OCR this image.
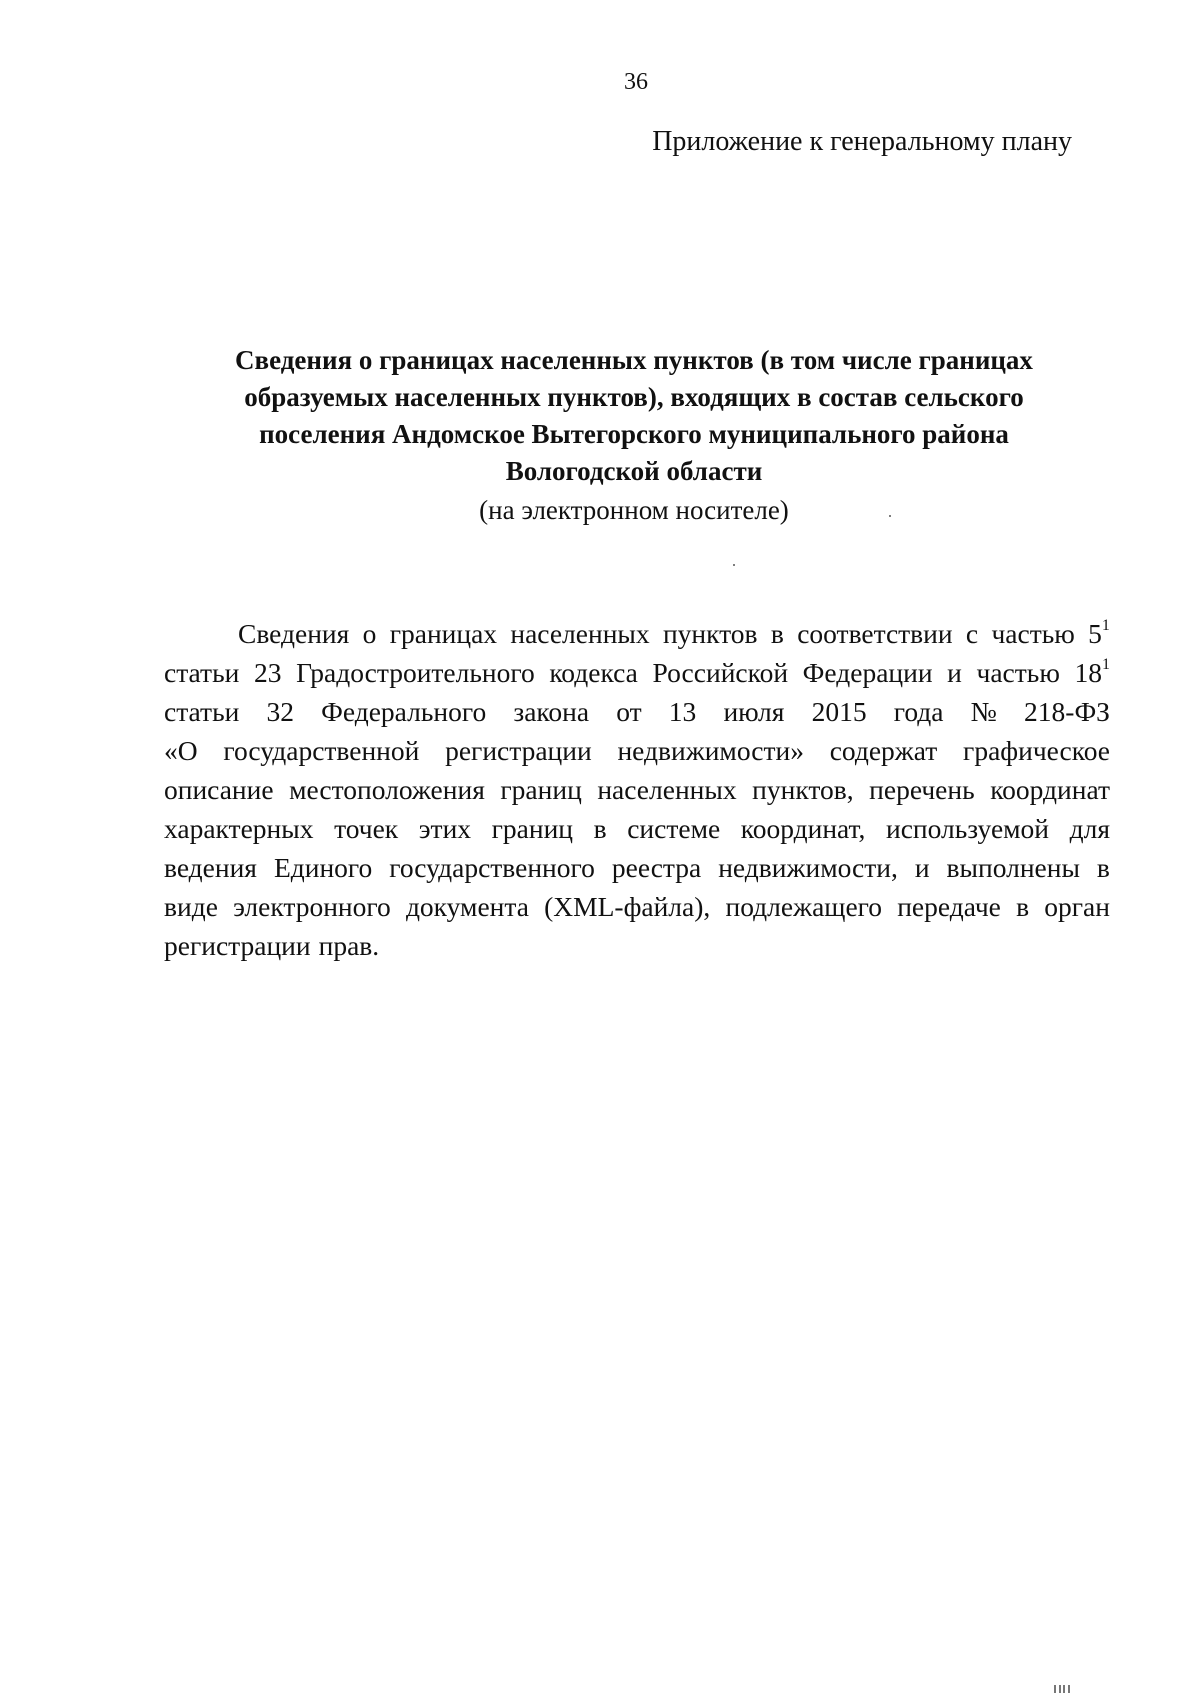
36
Приложение к генеральному плану
Сведения о границах населенных пунктов (в том числе границах
образуемых населенных пунктов), входящих в состав сельского
поселения Андомское Вытегорского муниципального района
Вологодской области
(на электронном носителе)
Сведения о границах населенных пунктов в соответствии с частью $5^1$
статьи 23 Градостроительного кодекса Российской Федерации и частью $18^1$
статьи 32 Федерального закона от 13 июля 2015 года № 218-ФЗ
«О государственной регистрации недвижимости» содержат графическое
описание местоположения границ населенных пунктов, перечень координат
характерных точек этих границ в системе координат, используемой для
ведения Единого государственного реестра недвижимости, и выполнены в
виде электронного документа (XML-файла), подлежащего передаче в орган
регистрации прав.
